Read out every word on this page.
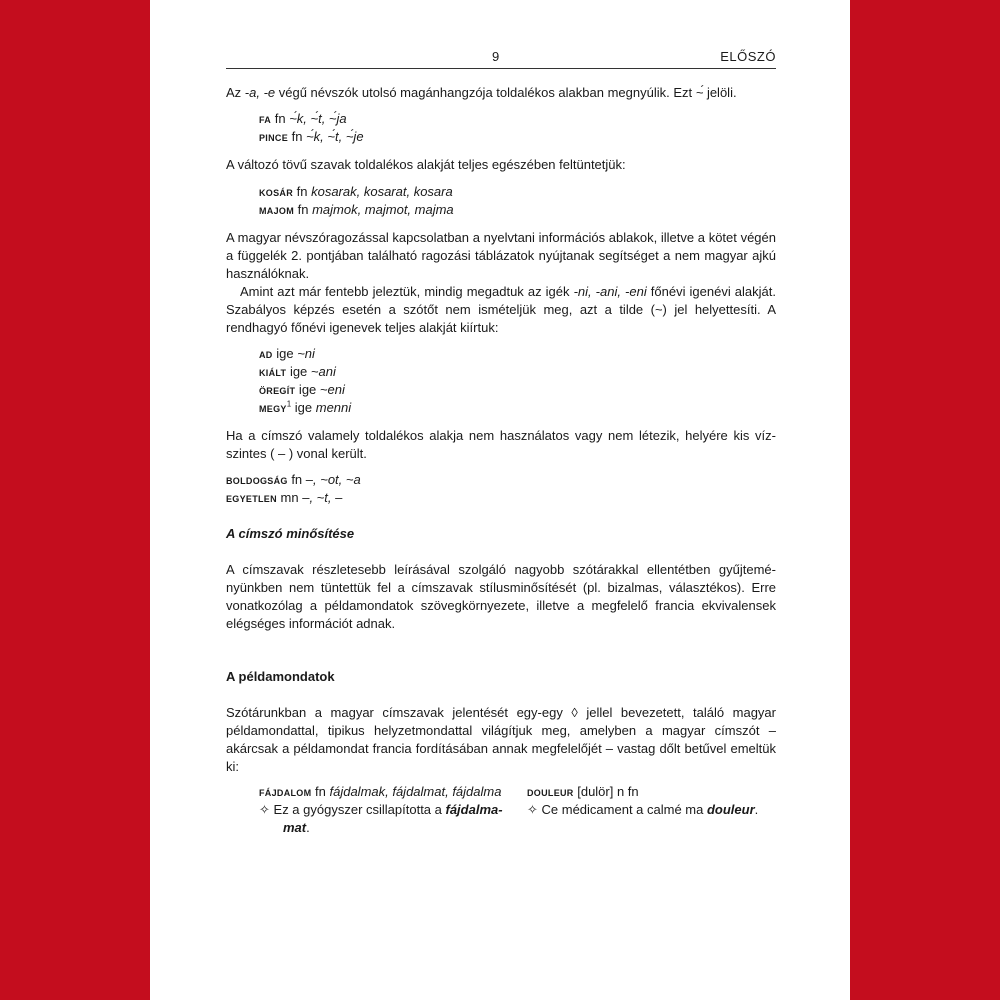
9	ELŐSZÓ
Az -a, -e végű névszók utolsó magánhangzója toldalékos alakban megnyúlik. Ezt ~́ jelöli.
fa fn ~́k, ~́t, ~́ja
pince fn ~́k, ~́t, ~́je
A változó tövű szavak toldalékos alakját teljes egészében feltüntetjük:
kosár fn kosarak, kosarat, kosara
majom fn majmok, majmot, majma
A magyar névszóragozással kapcsolatban a nyelvtani információs ablakok, illetve a kötet végén a függelék 2. pontjában található ragozási táblázatok nyújtanak segítséget a nem magyar ajkú használóknak.
Amint azt már fentebb jeleztük, mindig megadtuk az igék -ni, -ani, -eni főnévi igenévi alakját. Szabályos képzés esetén a szótőt nem ismételjük meg, azt a tilde (~) jel helyettesíti. A rendhagyó főnévi igenevek teljes alakját kiírtuk:
ad ige ~ni
kiált ige ~ani
öregít ige ~eni
megy$^1$ ige menni
Ha a címszó valamely toldalékos alakja nem használatos vagy nem létezik, helyére kis vízszintes ( – ) vonal került.
boldogság fn –, ~ot, ~a
egyetlen mn –, ~t, –
A címszó minősítése
A címszavak részletesebb leírásával szolgáló nagyobb szótárakkal ellentétben gyűjteményünkben nem tüntettük fel a címszavak stílusminősítését (pl. bizalmas, választékos). Erre vonatkozólag a példamondatok szövegkörnyezete, illetve a megfelelő francia ekvivalensek elégséges információt adnak.
A példamondatok
Szótárunkban a magyar címszavak jelentését egy-egy ◊ jellel bevezetett, találó magyar példamondattal, tipikus helyzetmondattal világítjuk meg, amelyben a magyar címszót – akárcsak a példamondat francia fordításában annak megfelelőjét – vastag dőlt betűvel emeltük ki:
fájdalom fn fájdalmak, fájdalmat, fájdalma
✧ Ez a gyógyszer csillapította a fájdalma-
mat.
douleur [dulör] n fn
✧ Ce médicament a calmé ma douleur.
